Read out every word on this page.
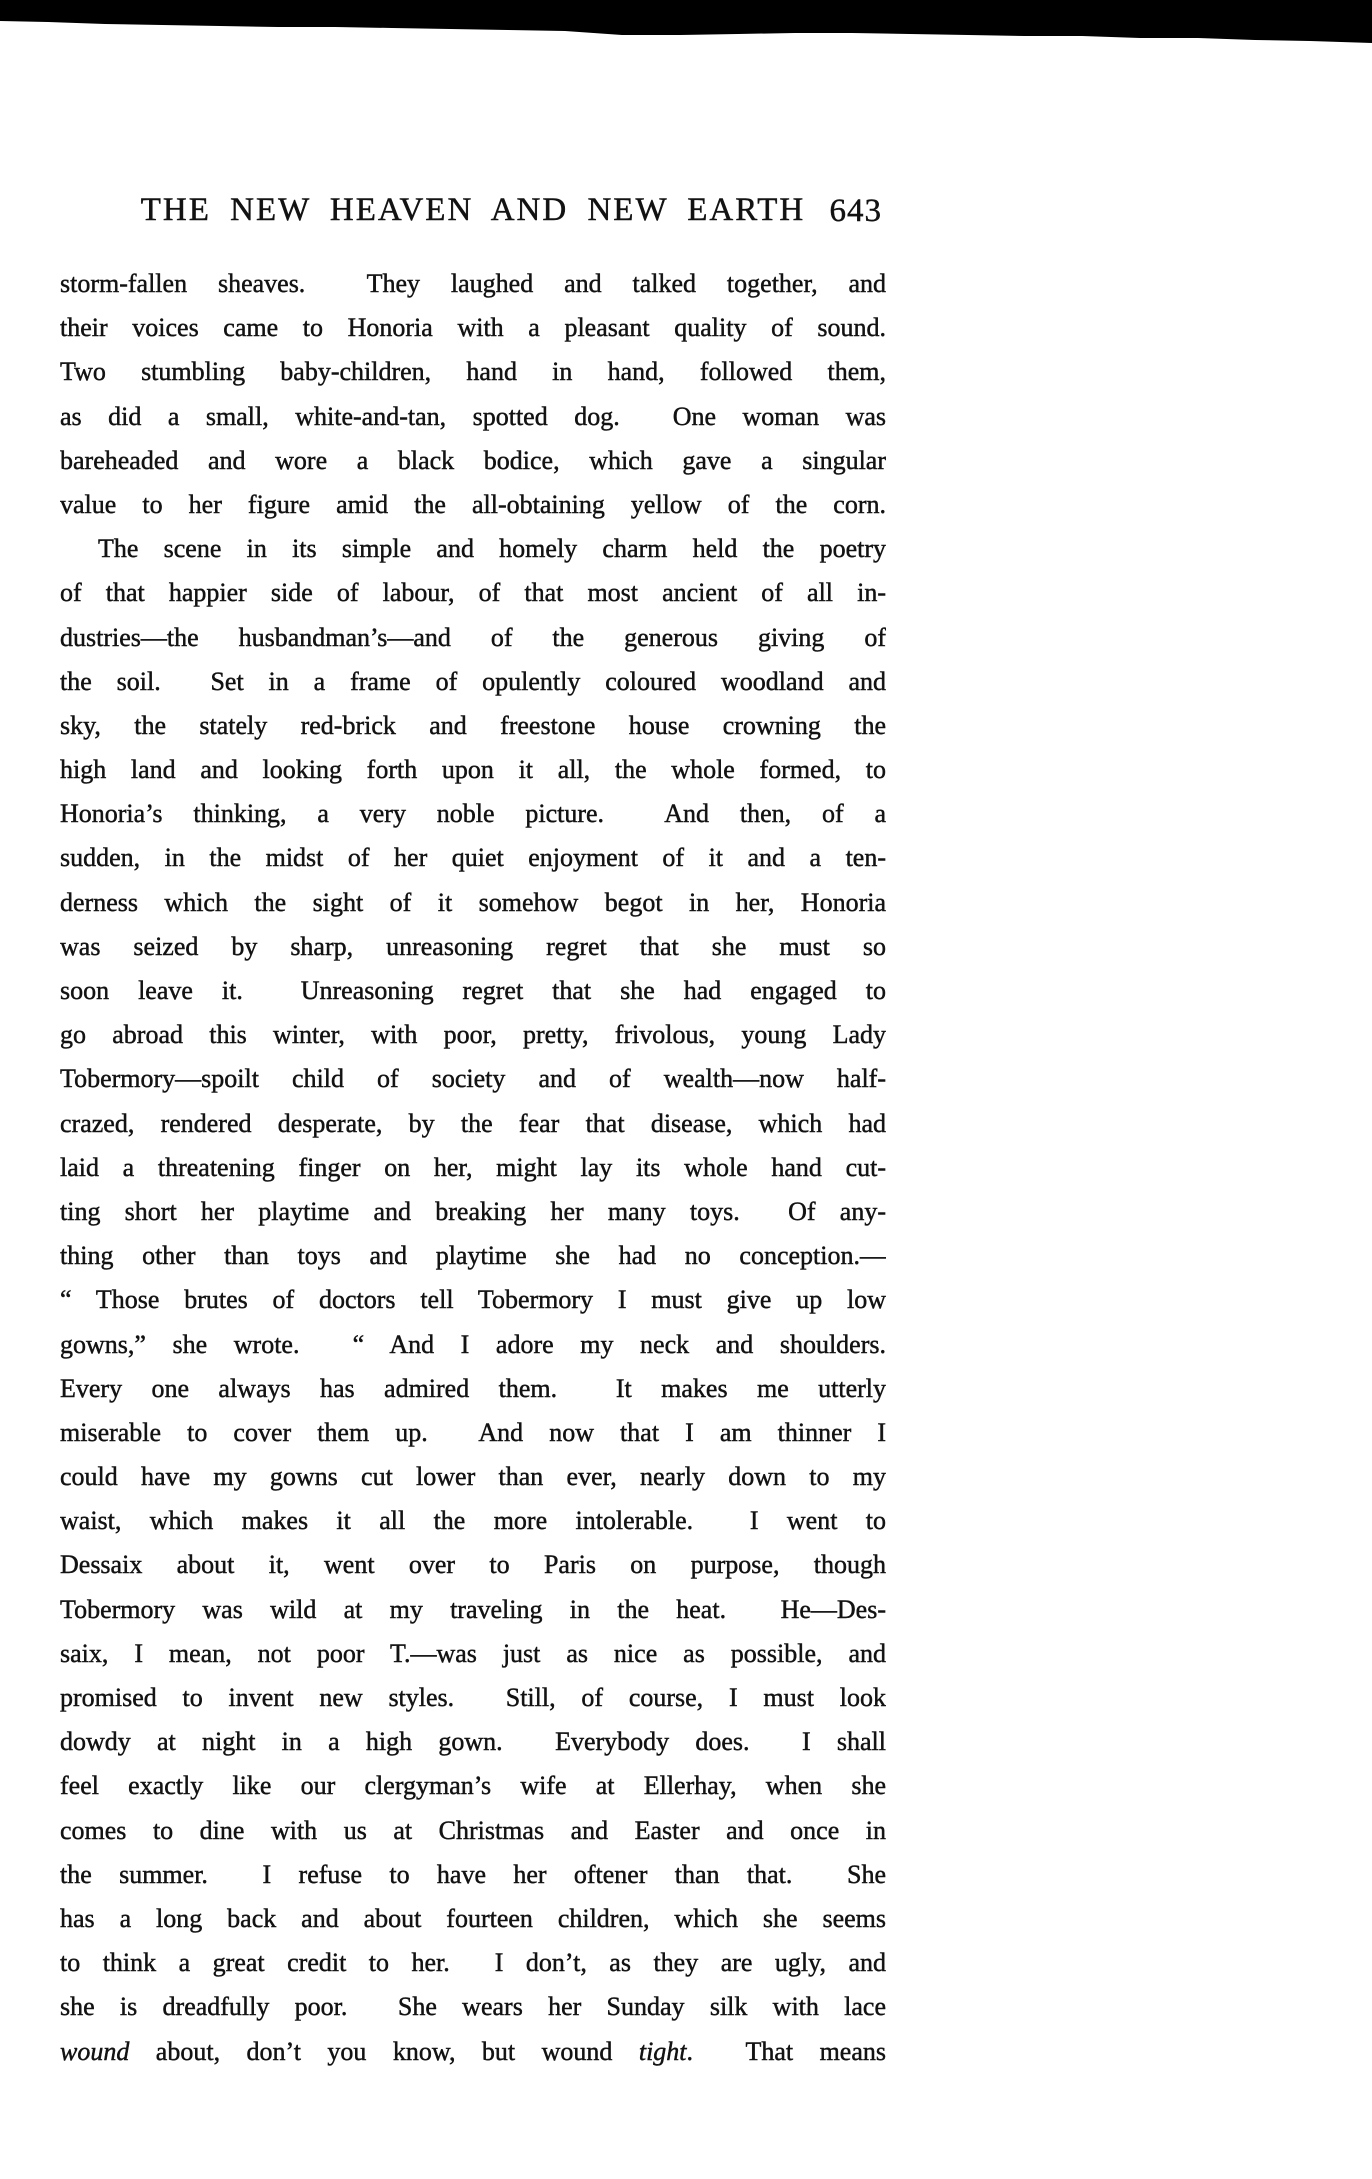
THE NEW HEAVEN AND NEW EARTH 643
storm-fallen sheaves.  They laughed and talked together, and
their voices came to Honoria with a pleasant quality of sound.
Two stumbling baby-children, hand in hand, followed them,
as did a small, white-and-tan, spotted dog.  One woman was
bareheaded and wore a black bodice, which gave a singular
value to her figure amid the all-obtaining yellow of the corn.
The scene in its simple and homely charm held the poetry
of that happier side of labour, of that most ancient of all in-
dustries—the husbandman’s—and of the generous giving of
the soil.  Set in a frame of opulently coloured woodland and
sky, the stately red-brick and freestone house crowning the
high land and looking forth upon it all, the whole formed, to
Honoria’s thinking, a very noble picture.  And then, of a
sudden, in the midst of her quiet enjoyment of it and a ten-
derness which the sight of it somehow begot in her, Honoria
was seized by sharp, unreasoning regret that she must so
soon leave it.  Unreasoning regret that she had engaged to
go abroad this winter, with poor, pretty, frivolous, young Lady
Tobermory—spoilt child of society and of wealth—now half-
crazed, rendered desperate, by the fear that disease, which had
laid a threatening finger on her, might lay its whole hand cut-
ting short her playtime and breaking her many toys.  Of any-
thing other than toys and playtime she had no conception.—
“ Those brutes of doctors tell Tobermory I must give up low
gowns,” she wrote.  “ And I adore my neck and shoulders.
Every one always has admired them.  It makes me utterly
miserable to cover them up.  And now that I am thinner I
could have my gowns cut lower than ever, nearly down to my
waist, which makes it all the more intolerable.  I went to
Dessaix about it, went over to Paris on purpose, though
Tobermory was wild at my traveling in the heat.  He—Des-
saix, I mean, not poor T.—was just as nice as possible, and
promised to invent new styles.  Still, of course, I must look
dowdy at night in a high gown.  Everybody does.  I shall
feel exactly like our clergyman’s wife at Ellerhay, when she
comes to dine with us at Christmas and Easter and once in
the summer.  I refuse to have her oftener than that.  She
has a long back and about fourteen children, which she seems
to think a great credit to her.  I don’t, as they are ugly, and
she is dreadfully poor.  She wears her Sunday silk with lace
wound about, don’t you know, but wound tight.  That means
